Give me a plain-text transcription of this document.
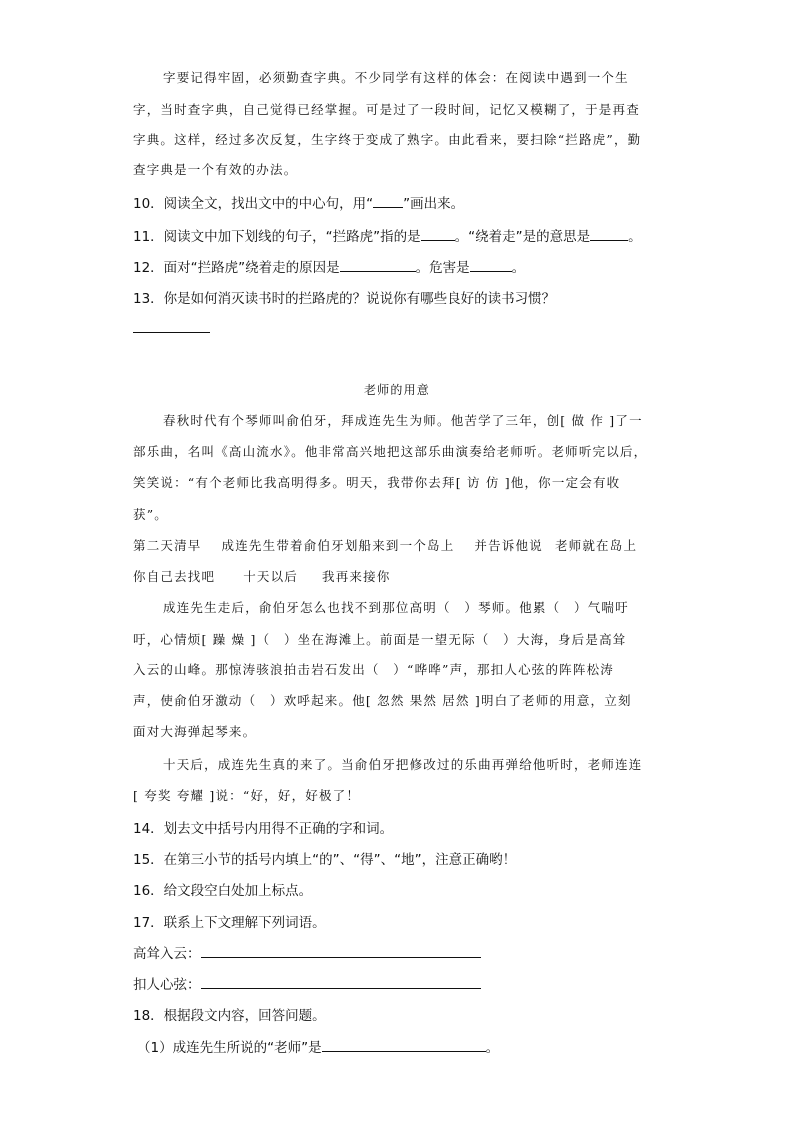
字要记得牢固，必须勤查字典。不少同学有这样的体会：在阅读中遇到一个生
字，当时查字典，自己觉得已经掌握。可是过了一段时间，记忆又模糊了，于是再查
字典。这样，经过多次反复，生字终于变成了熟字。由此看来，要扫除“拦路虎”，勤
查字典是一个有效的办法。
10．阅读全文，找出文中的中心句，用“ ”画出来。
11．阅读文中加下划线的句子，“拦路虎”指的是	。“绕着走”是的意思是	。
12．面对“拦路虎”绕着走的原因是	。危害是	。
13．你是如何消灭读书时的拦路虎的？说说你有哪些良好的读书习惯？
老师的用意
春秋时代有个琴师叫俞伯牙，拜成连先生为师。他苦学了三年，创[ 做 作 ]了一
部乐曲，名叫《高山流水》。他非常高兴地把这部乐曲演奏给老师听。老师听完以后，
笑笑说：“有个老师比我高明得多。明天，我带你去拜[ 访 仿 ]他，你一定会有收
获”。
第二天清早 成连先生带着俞伯牙划船来到一个岛上 并告诉他说 老师就在岛上
你自己去找吧 十天以后 我再来接你
成连先生走后，俞伯牙怎么也找不到那位高明（　）琴师。他累（　）气喘吁
吁，心情烦[ 躁 燥 ]（　）坐在海滩上。前面是一望无际（　）大海，身后是高耸
入云的山峰。那惊涛骇浪拍击岩石发出（　）“哗哗”声，那扣人心弦的阵阵松涛
声，使俞伯牙激动（　）欢呼起来。他[ 忽然 果然 居然 ]明白了老师的用意，立刻
面对大海弹起琴来。
十天后，成连先生真的来了。当俞伯牙把修改过的乐曲再弹给他听时，老师连连
[ 夸奖 夸耀 ]说：“好，好，好极了！
14．划去文中括号内用得不正确的字和词。
15．在第三小节的括号内填上“的”、“得”、“地”，注意正确哟！
16．给文段空白处加上标点。
17．联系上下文理解下列词语。
高耸入云：
扣人心弦：
18．根据段文内容，回答问题。
（1）成连先生所说的“老师”是	。
